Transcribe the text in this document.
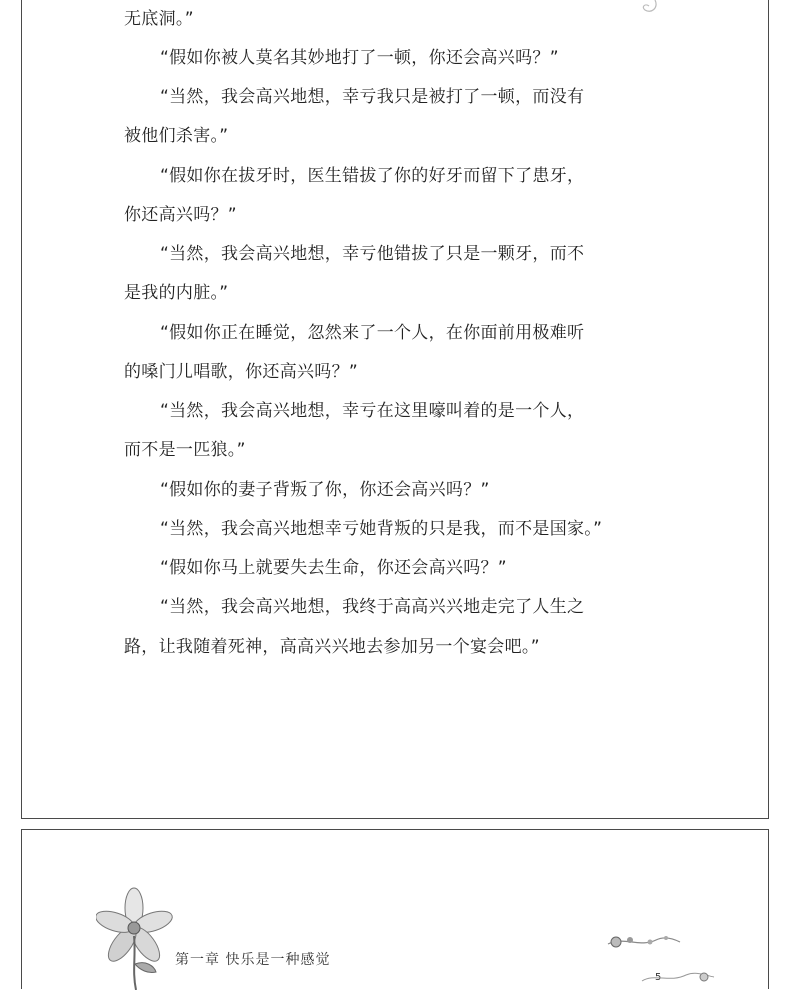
无底洞。”

“假如你被人莫名其妙地打了一顿，你还会高兴吗？”

“当然，我会高兴地想，幸亏我只是被打了一顿，而没有

被他们杀害。”

“假如你在拔牙时，医生错拔了你的好牙而留下了患牙，

你还高兴吗？”

“当然，我会高兴地想，幸亏他错拔了只是一颗牙，而不

是我的内脏。”

“假如你正在睡觉，忽然来了一个人，在你面前用极难听

的嗓门儿唱歌，你还高兴吗？”

“当然，我会高兴地想，幸亏在这里嚎叫着的是一个人，

而不是一匹狼。”

“假如你的妻子背叛了你，你还会高兴吗？”

“当然，我会高兴地想幸亏她背叛的只是我，而不是国家。”

“假如你马上就要失去生命，你还会高兴吗？”

“当然，我会高兴地想，我终于高高兴兴地走完了人生之

路，让我随着死神，高高兴兴地去参加另一个宴会吧。”

第一章 快乐是一种感觉
5
